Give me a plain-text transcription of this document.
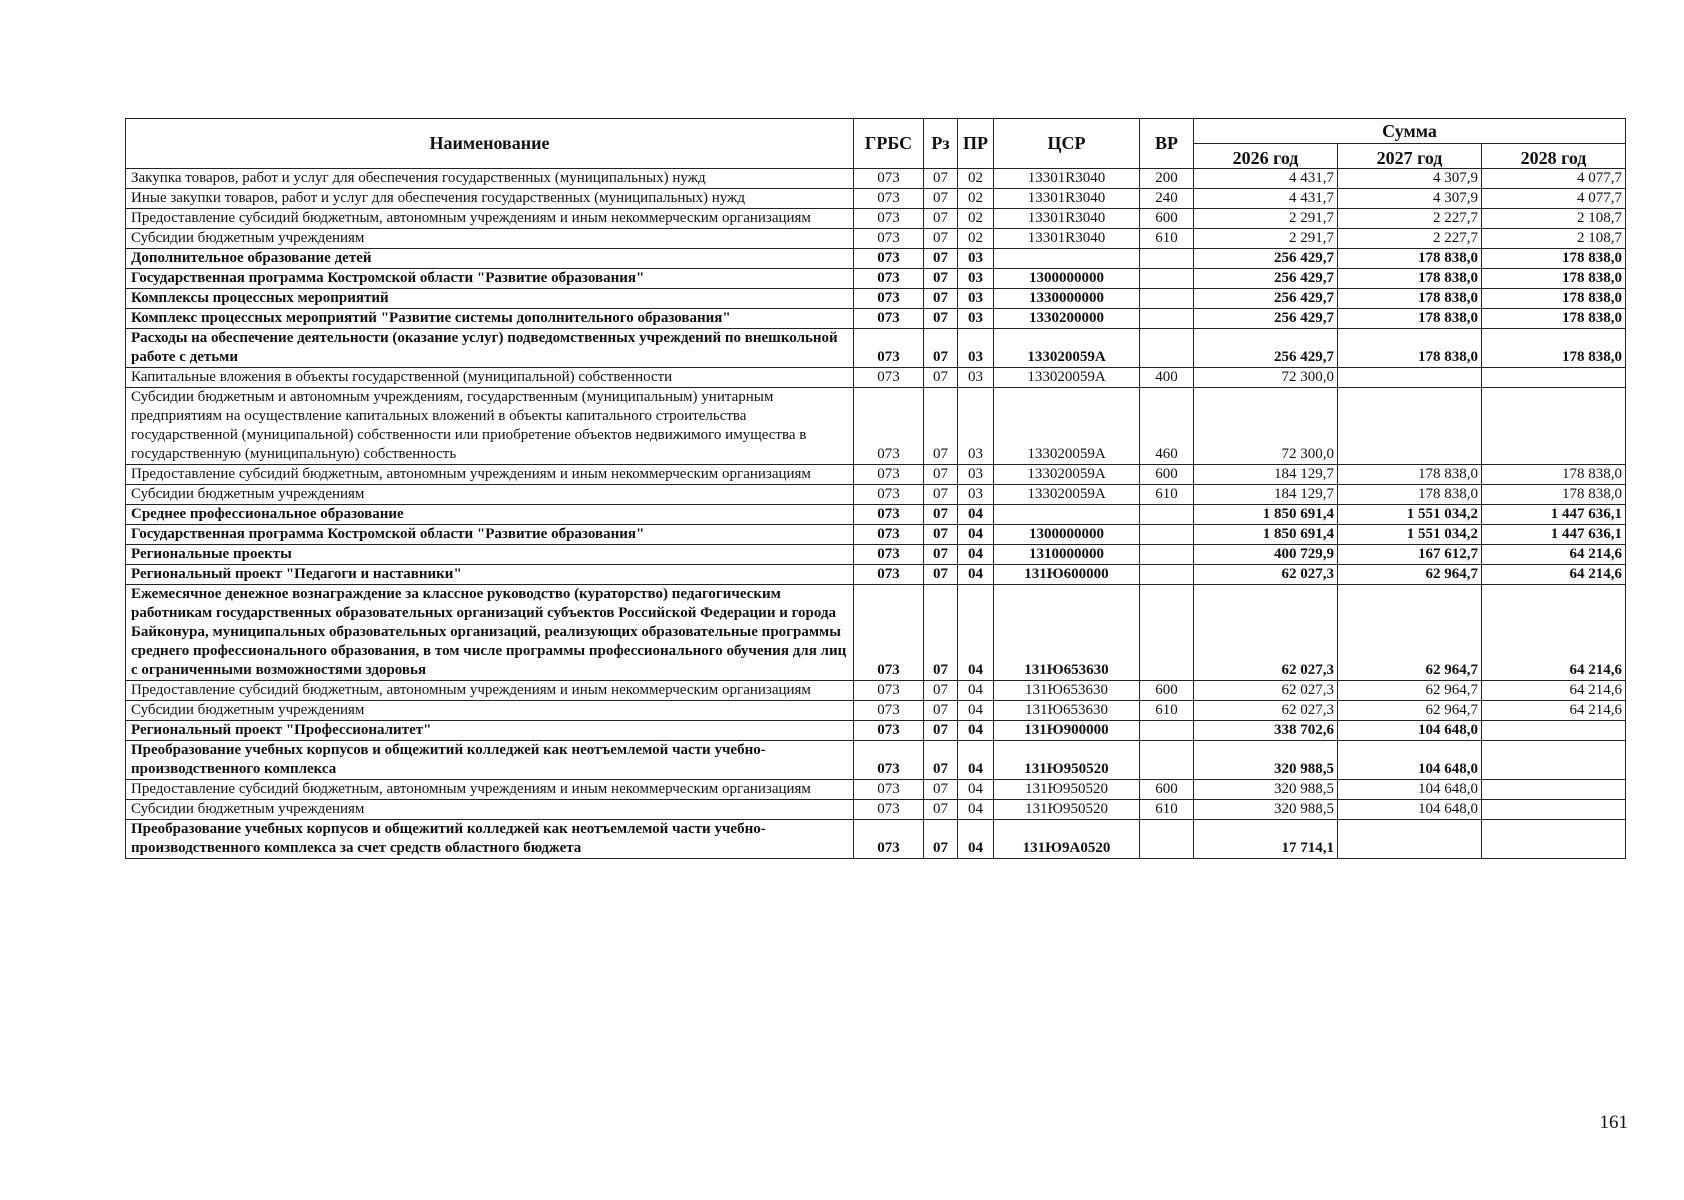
Наименование	ГРБС	Рз	ПР	ЦСР	ВР	Сумма		
						2026 год	2027 год	2028 год
Закупка товаров, работ и услуг для обеспечения государственных (муниципальных) нужд	073	07	02	13301R3040	200	4 431,7	4 307,9	4 077,7
Иные закупки товаров, работ и услуг для обеспечения государственных (муниципальных) нужд	073	07	02	13301R3040	240	4 431,7	4 307,9	4 077,7
Предоставление субсидий бюджетным, автономным учреждениям и иным некоммерческим организациям	073	07	02	13301R3040	600	2 291,7	2 227,7	2 108,7
Субсидии бюджетным учреждениям	073	07	02	13301R3040	610	2 291,7	2 227,7	2 108,7
Дополнительное образование детей	073	07	03			256 429,7	178 838,0	178 838,0
Государственная программа Костромской области "Развитие образования"	073	07	03	1300000000		256 429,7	178 838,0	178 838,0
Комплексы процессных мероприятий	073	07	03	1330000000		256 429,7	178 838,0	178 838,0
Комплекс процессных мероприятий "Развитие системы дополнительного образования"	073	07	03	1330200000		256 429,7	178 838,0	178 838,0
Расходы на обеспечение деятельности (оказание услуг) подведомственных учреждений по внешкольной работе с детьми	073	07	03	133020059А		256 429,7	178 838,0	178 838,0
Капитальные вложения в объекты государственной (муниципальной) собственности	073	07	03	133020059А	400	72 300,0		
Субсидии бюджетным и автономным учреждениям, государственным (муниципальным) унитарным предприятиям на осуществление капитальных вложений в объекты капитального строительства государственной (муниципальной) собственности или приобретение объектов недвижимого имущества в государственную (муниципальную) собственность	073	07	03	133020059А	460	72 300,0		
Предоставление субсидий бюджетным, автономным учреждениям и иным некоммерческим организациям	073	07	03	133020059А	600	184 129,7	178 838,0	178 838,0
Субсидии бюджетным учреждениям	073	07	03	133020059А	610	184 129,7	178 838,0	178 838,0
Среднее профессиональное образование	073	07	04			1 850 691,4	1 551 034,2	1 447 636,1
Государственная программа Костромской области "Развитие образования"	073	07	04	1300000000		1 850 691,4	1 551 034,2	1 447 636,1
Региональные проекты	073	07	04	1310000000		400 729,9	167 612,7	64 214,6
Региональный проект "Педагоги и наставники"	073	07	04	131Ю600000		62 027,3	62 964,7	64 214,6
Ежемесячное денежное вознаграждение за классное руководство (кураторство) педагогическим работникам государственных образовательных организаций субъектов Российской Федерации и города Байконура, муниципальных образовательных организаций, реализующих образовательные программы среднего профессионального образования, в том числе программы профессионального обучения для лиц с ограниченными возможностями здоровья	073	07	04	131Ю653630		62 027,3	62 964,7	64 214,6
Предоставление субсидий бюджетным, автономным учреждениям и иным некоммерческим организациям	073	07	04	131Ю653630	600	62 027,3	62 964,7	64 214,6
Субсидии бюджетным учреждениям	073	07	04	131Ю653630	610	62 027,3	62 964,7	64 214,6
Региональный проект "Профессионалитет"	073	07	04	131Ю900000		338 702,6	104 648,0	
Преобразование учебных корпусов и общежитий колледжей как неотъемлемой части учебно-производственного комплекса	073	07	04	131Ю950520		320 988,5	104 648,0	
Предоставление субсидий бюджетным, автономным учреждениям и иным некоммерческим организациям	073	07	04	131Ю950520	600	320 988,5	104 648,0	
Субсидии бюджетным учреждениям	073	07	04	131Ю950520	610	320 988,5	104 648,0	
Преобразование учебных корпусов и общежитий колледжей как неотъемлемой части учебно-производственного комплекса за счет средств областного бюджета	073	07	04	131Ю9А0520		17 714,1		
161
